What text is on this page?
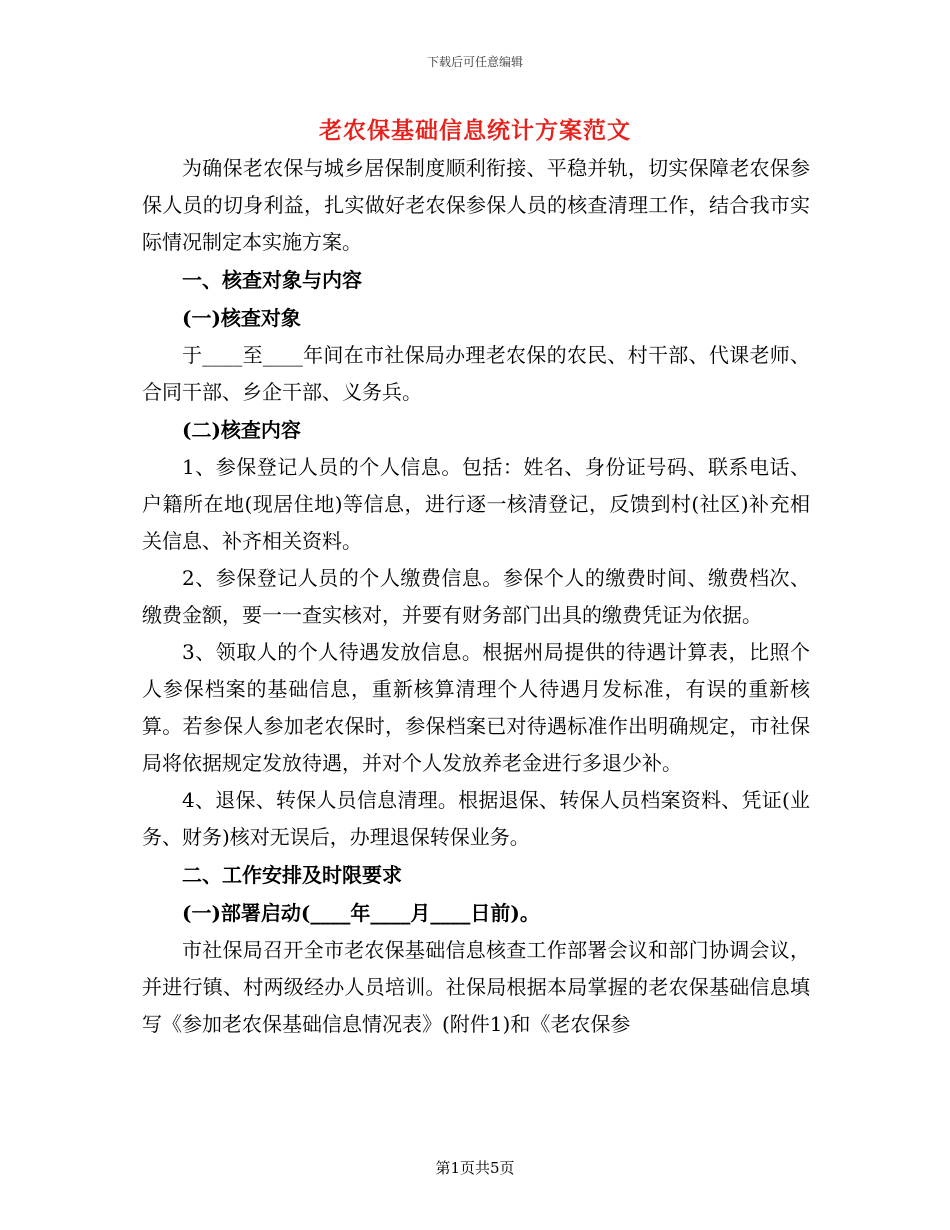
下载后可任意编辑
老农保基础信息统计方案范文

为确保老农保与城乡居保制度顺利衔接、平稳并轨，切实保障老农保参保人员的切身利益，扎实做好老农保参保人员的核查清理工作，结合我市实际情况制定本实施方案。

一、核查对象与内容

(一)核查对象

于____至____年间在市社保局办理老农保的农民、村干部、代课老师、合同干部、乡企干部、义务兵。

(二)核查内容

1、参保登记人员的个人信息。包括：姓名、身份证号码、联系电话、户籍所在地(现居住地)等信息，进行逐一核清登记，反馈到村(社区)补充相关信息、补齐相关资料。

2、参保登记人员的个人缴费信息。参保个人的缴费时间、缴费档次、缴费金额，要一一查实核对，并要有财务部门出具的缴费凭证为依据。

3、领取人的个人待遇发放信息。根据州局提供的待遇计算表，比照个人参保档案的基础信息，重新核算清理个人待遇月发标准，有误的重新核算。若参保人参加老农保时，参保档案已对待遇标准作出明确规定，市社保局将依据规定发放待遇，并对个人发放养老金进行多退少补。

4、退保、转保人员信息清理。根据退保、转保人员档案资料、凭证(业务、财务)核对无误后，办理退保转保业务。

二、工作安排及时限要求

(一)部署启动(____年____月____日前)。

市社保局召开全市老农保基础信息核查工作部署会议和部门协调会议，并进行镇、村两级经办人员培训。社保局根据本局掌握的老农保基础信息填写《参加老农保基础信息情况表》(附件1)和《老农保参

第1页共5页
